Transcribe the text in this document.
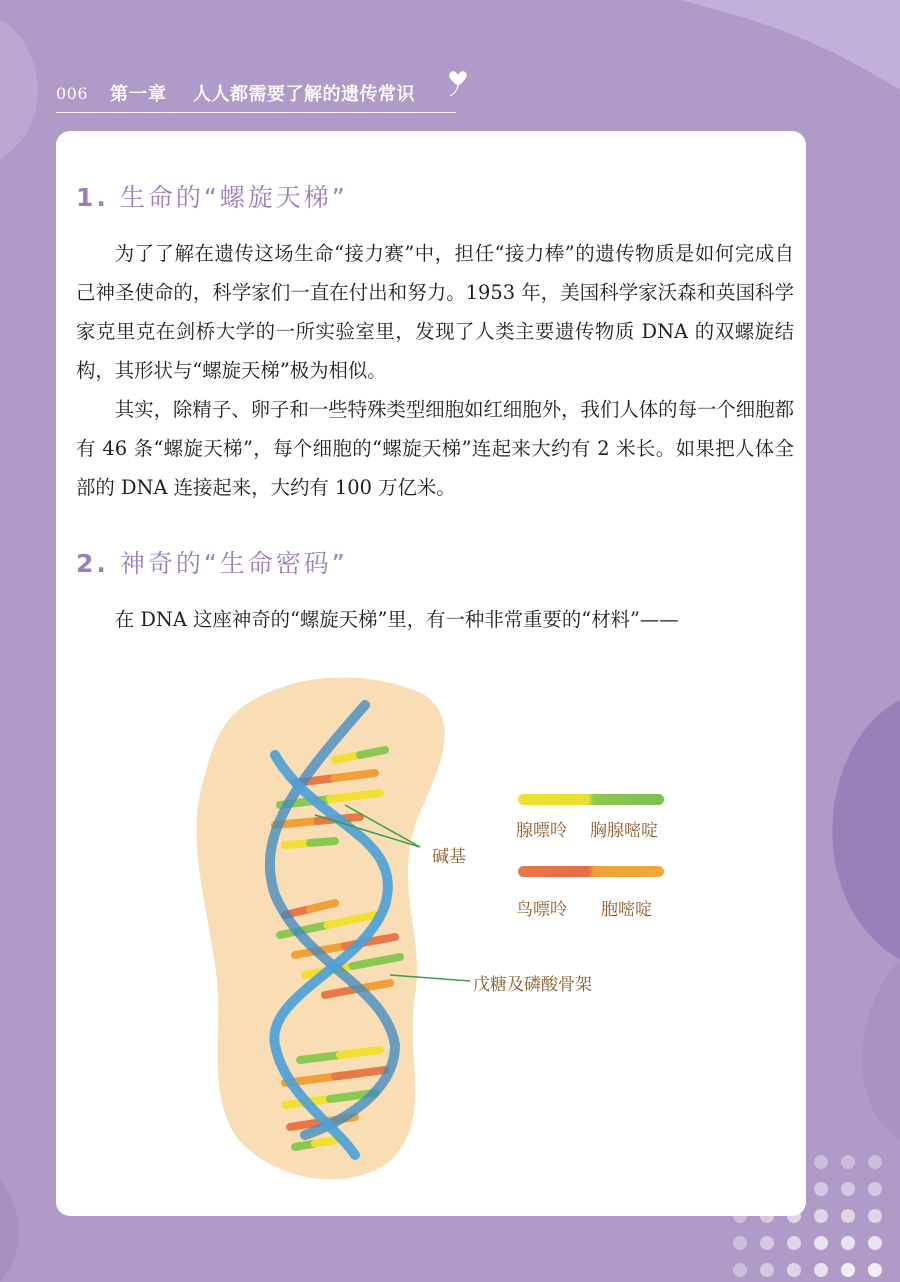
006 第一章 人人都需要了解的遗传常识
1. 生命的“螺旋天梯”

为了了解在遗传这场生命“接力赛”中，担任“接力棒”的遗传物质是如何完成自己神圣使命的，科学家们一直在付出和努力。1953 年，美国科学家沃森和英国科学家克里克在剑桥大学的一所实验室里，发现了人类主要遗传物质 DNA 的双螺旋结构，其形状与“螺旋天梯”极为相似。

其实，除精子、卵子和一些特殊类型细胞如红细胞外，我们人体的每一个细胞都有 46 条“螺旋天梯”，每个细胞的“螺旋天梯”连起来大约有 2 米长。如果把人体全部的 DNA 连接起来，大约有 100 万亿米。

2. 神奇的“生命密码”

在 DNA 这座神奇的“螺旋天梯”里，有一种非常重要的“材料”——

碱基
戊糖及磷酸骨架
腺嘌呤 胸腺嘧啶
鸟嘌呤 胞嘧啶
